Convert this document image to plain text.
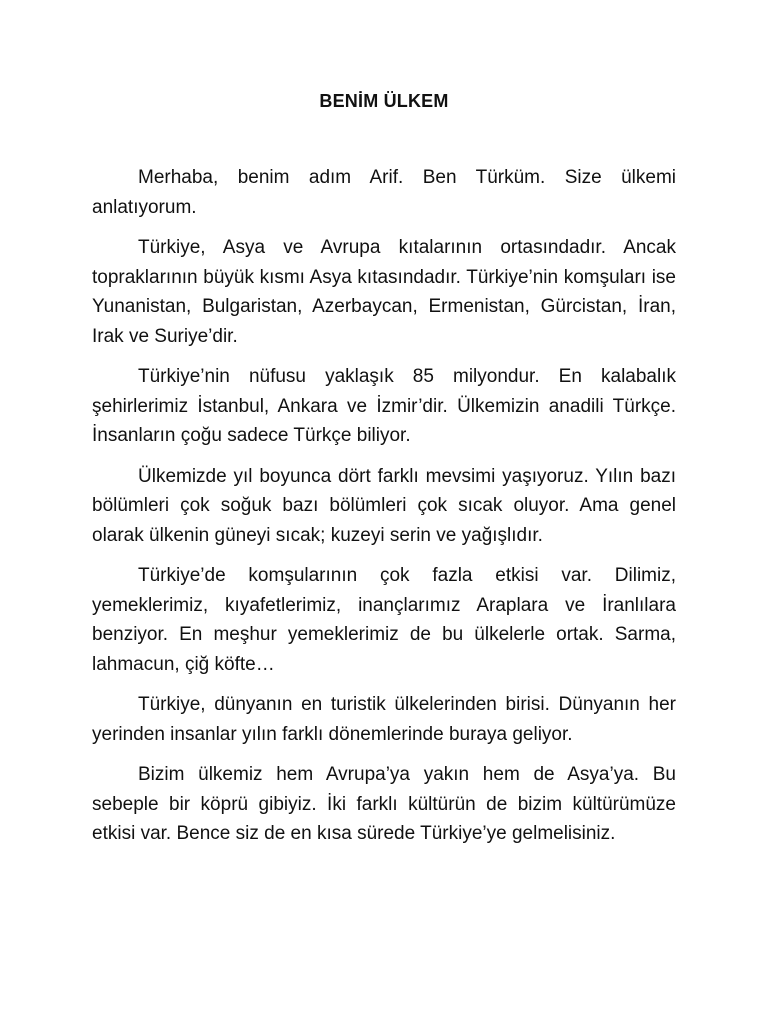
BENİM ÜLKEM

Merhaba, benim adım Arif. Ben Türküm. Size ülkemi anlatıyorum.

Türkiye, Asya ve Avrupa kıtalarının ortasındadır. Ancak topraklarının büyük kısmı Asya kıtasındadır. Türkiye’nin komşuları ise Yunanistan, Bulgaristan, Azerbaycan, Ermenistan, Gürcistan, İran, Irak ve Suriye’dir.

Türkiye’nin nüfusu yaklaşık 85 milyondur. En kalabalık şehirlerimiz İstanbul, Ankara ve İzmir’dir. Ülkemizin anadili Türkçe. İnsanların çoğu sadece Türkçe biliyor.

Ülkemizde yıl boyunca dört farklı mevsimi yaşıyoruz. Yılın bazı bölümleri çok soğuk bazı bölümleri çok sıcak oluyor. Ama genel olarak ülkenin güneyi sıcak; kuzeyi serin ve yağışlıdır.

Türkiye’de komşularının çok fazla etkisi var. Dilimiz, yemeklerimiz, kıyafetlerimiz, inançlarımız Araplara ve İranlılara benziyor. En meşhur yemeklerimiz de bu ülkelerle ortak. Sarma, lahmacun, çiğ köfte…

Türkiye, dünyanın en turistik ülkelerinden birisi. Dünyanın her yerinden insanlar yılın farklı dönemlerinde buraya geliyor.

Bizim ülkemiz hem Avrupa’ya yakın hem de Asya’ya. Bu sebeple bir köprü gibiyiz. İki farklı kültürün de bizim kültürümüze etkisi var. Bence siz de en kısa sürede Türkiye’ye gelmelisiniz.
